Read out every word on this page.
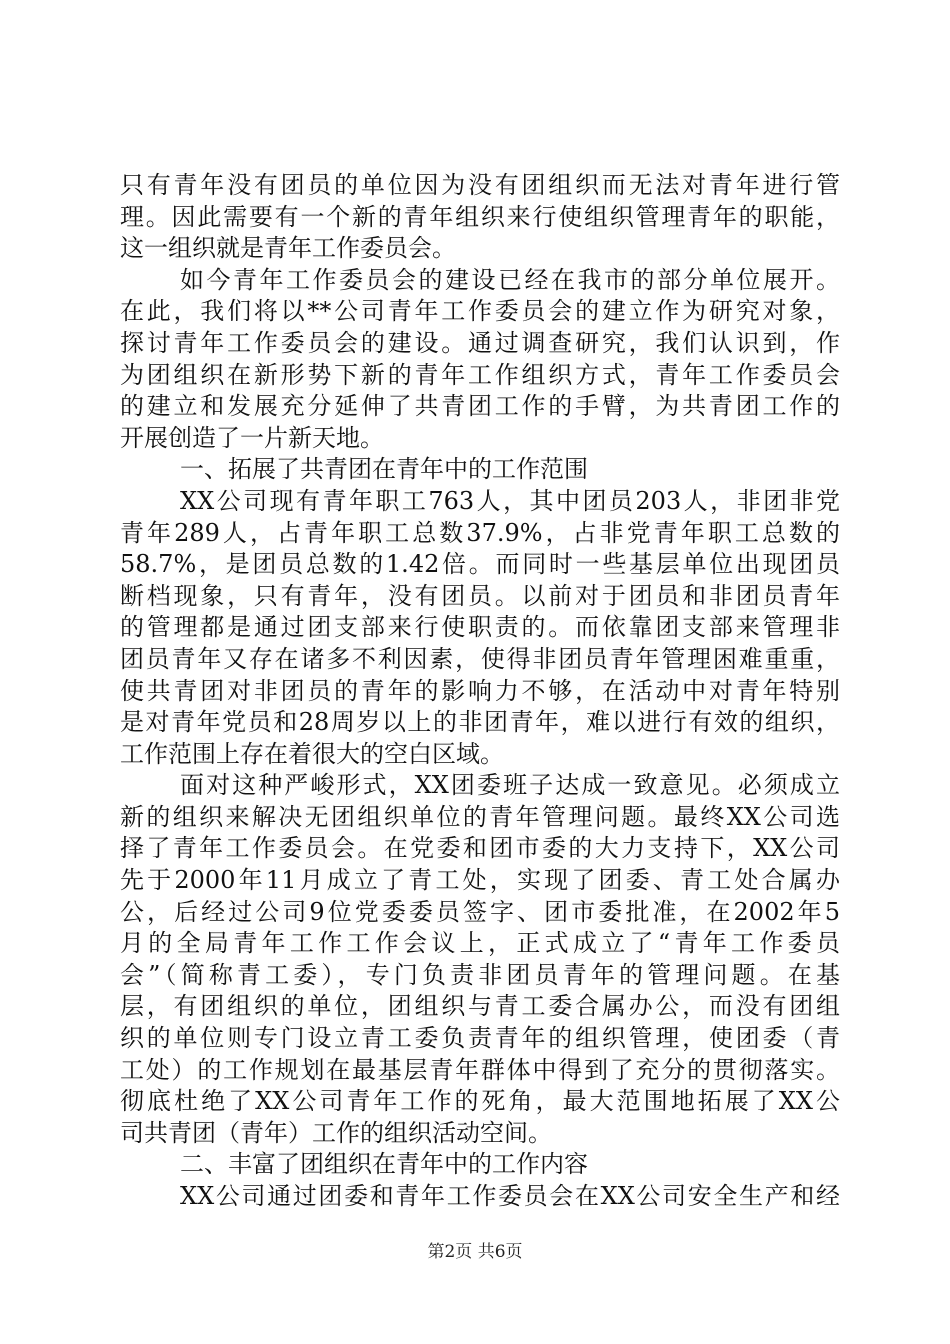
只有青年没有团员的单位因为没有团组织而无法对青年进行管
理。因此需要有一个新的青年组织来行使组织管理青年的职能，
这一组织就是青年工作委员会。
如今青年工作委员会的建设已经在我市的部分单位展开。
在此，我们将以**公司青年工作委员会的建立作为研究对象，
探讨青年工作委员会的建设。通过调查研究，我们认识到，作
为团组织在新形势下新的青年工作组织方式，青年工作委员会
的建立和发展充分延伸了共青团工作的手臂，为共青团工作的
开展创造了一片新天地。
一、拓展了共青团在青年中的工作范围
XX公司现有青年职工763人，其中团员203人，非团非党
青年289人，占青年职工总数37.9%，占非党青年职工总数的
58.7%，是团员总数的1.42倍。而同时一些基层单位出现团员
断档现象，只有青年，没有团员。以前对于团员和非团员青年
的管理都是通过团支部来行使职责的。而依靠团支部来管理非
团员青年又存在诸多不利因素，使得非团员青年管理困难重重，
使共青团对非团员的青年的影响力不够，在活动中对青年特别
是对青年党员和28周岁以上的非团青年，难以进行有效的组织，
工作范围上存在着很大的空白区域。
面对这种严峻形式，XX团委班子达成一致意见。必须成立
新的组织来解决无团组织单位的青年管理问题。最终XX公司选
择了青年工作委员会。在党委和团市委的大力支持下，XX公司
先于2000年11月成立了青工处，实现了团委、青工处合属办
公，后经过公司9位党委委员签字、团市委批准，在2002年5
月的全局青年工作工作会议上，正式成立了“青年工作委员
会”（简称青工委），专门负责非团员青年的管理问题。在基
层，有团组织的单位，团组织与青工委合属办公，而没有团组
织的单位则专门设立青工委负责青年的组织管理，使团委（青
工处）的工作规划在最基层青年群体中得到了充分的贯彻落实。
彻底杜绝了XX公司青年工作的死角，最大范围地拓展了XX公
司共青团（青年）工作的组织活动空间。
二、丰富了团组织在青年中的工作内容
XX公司通过团委和青年工作委员会在XX公司安全生产和经
第2页 共6页
